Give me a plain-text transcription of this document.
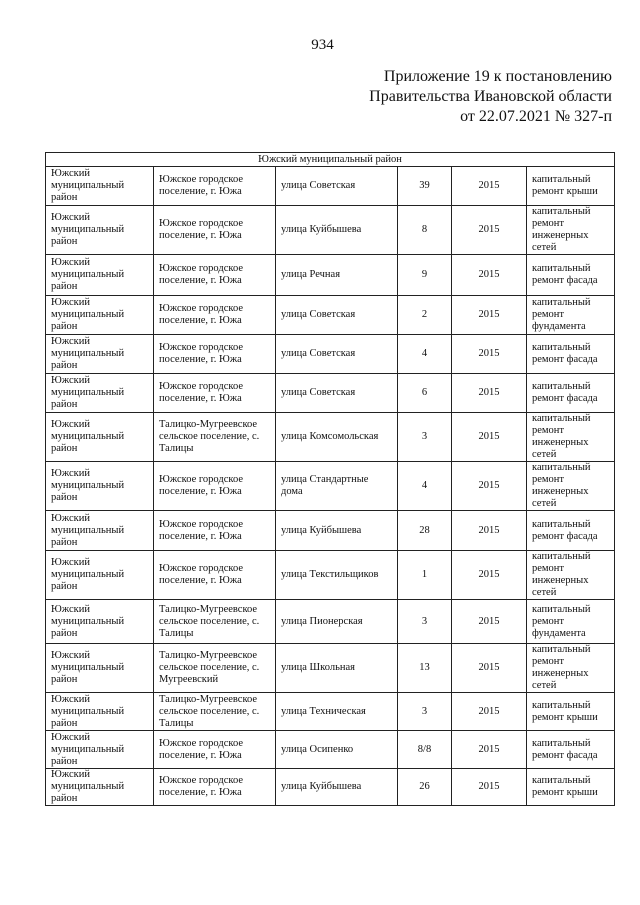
934
Приложение 19 к постановлению
Правительства Ивановской области
от 22.07.2021 № 327-п
Южский муниципальный район					
Южский муниципальный район	Южское городское поселение, г. Южа	улица Советская	39	2015	капитальный ремонт крыши
Южский муниципальный район	Южское городское поселение, г. Южа	улица Куйбышева	8	2015	капитальный ремонт инженерных сетей
Южский муниципальный район	Южское городское поселение, г. Южа	улица Речная	9	2015	капитальный ремонт фасада
Южский муниципальный район	Южское городское поселение, г. Южа	улица Советская	2	2015	капитальный ремонт фундамента
Южский муниципальный район	Южское городское поселение, г. Южа	улица Советская	4	2015	капитальный ремонт фасада
Южский муниципальный район	Южское городское поселение, г. Южа	улица Советская	6	2015	капитальный ремонт фасада
Южский муниципальный район	Талицко-Мугреевское сельское поселение, с. Талицы	улица Комсомольская	3	2015	капитальный ремонт инженерных сетей
Южский муниципальный район	Южское городское поселение, г. Южа	улица Стандартные дома	4	2015	капитальный ремонт инженерных сетей
Южский муниципальный район	Южское городское поселение, г. Южа	улица Куйбышева	28	2015	капитальный ремонт фасада
Южский муниципальный район	Южское городское поселение, г. Южа	улица Текстильщиков	1	2015	капитальный ремонт инженерных сетей
Южский муниципальный район	Талицко-Мугреевское сельское поселение, с. Талицы	улица Пионерская	3	2015	капитальный ремонт фундамента
Южский муниципальный район	Талицко-Мугреевское сельское поселение, с. Мугреевский	улица Школьная	13	2015	капитальный ремонт инженерных сетей
Южский муниципальный район	Талицко-Мугреевское сельское поселение, с. Талицы	улица Техническая	3	2015	капитальный ремонт крыши
Южский муниципальный район	Южское городское поселение, г. Южа	улица Осипенко	8/8	2015	капитальный ремонт фасада
Южский муниципальный район	Южское городское поселение, г. Южа	улица Куйбышева	26	2015	капитальный ремонт крыши
